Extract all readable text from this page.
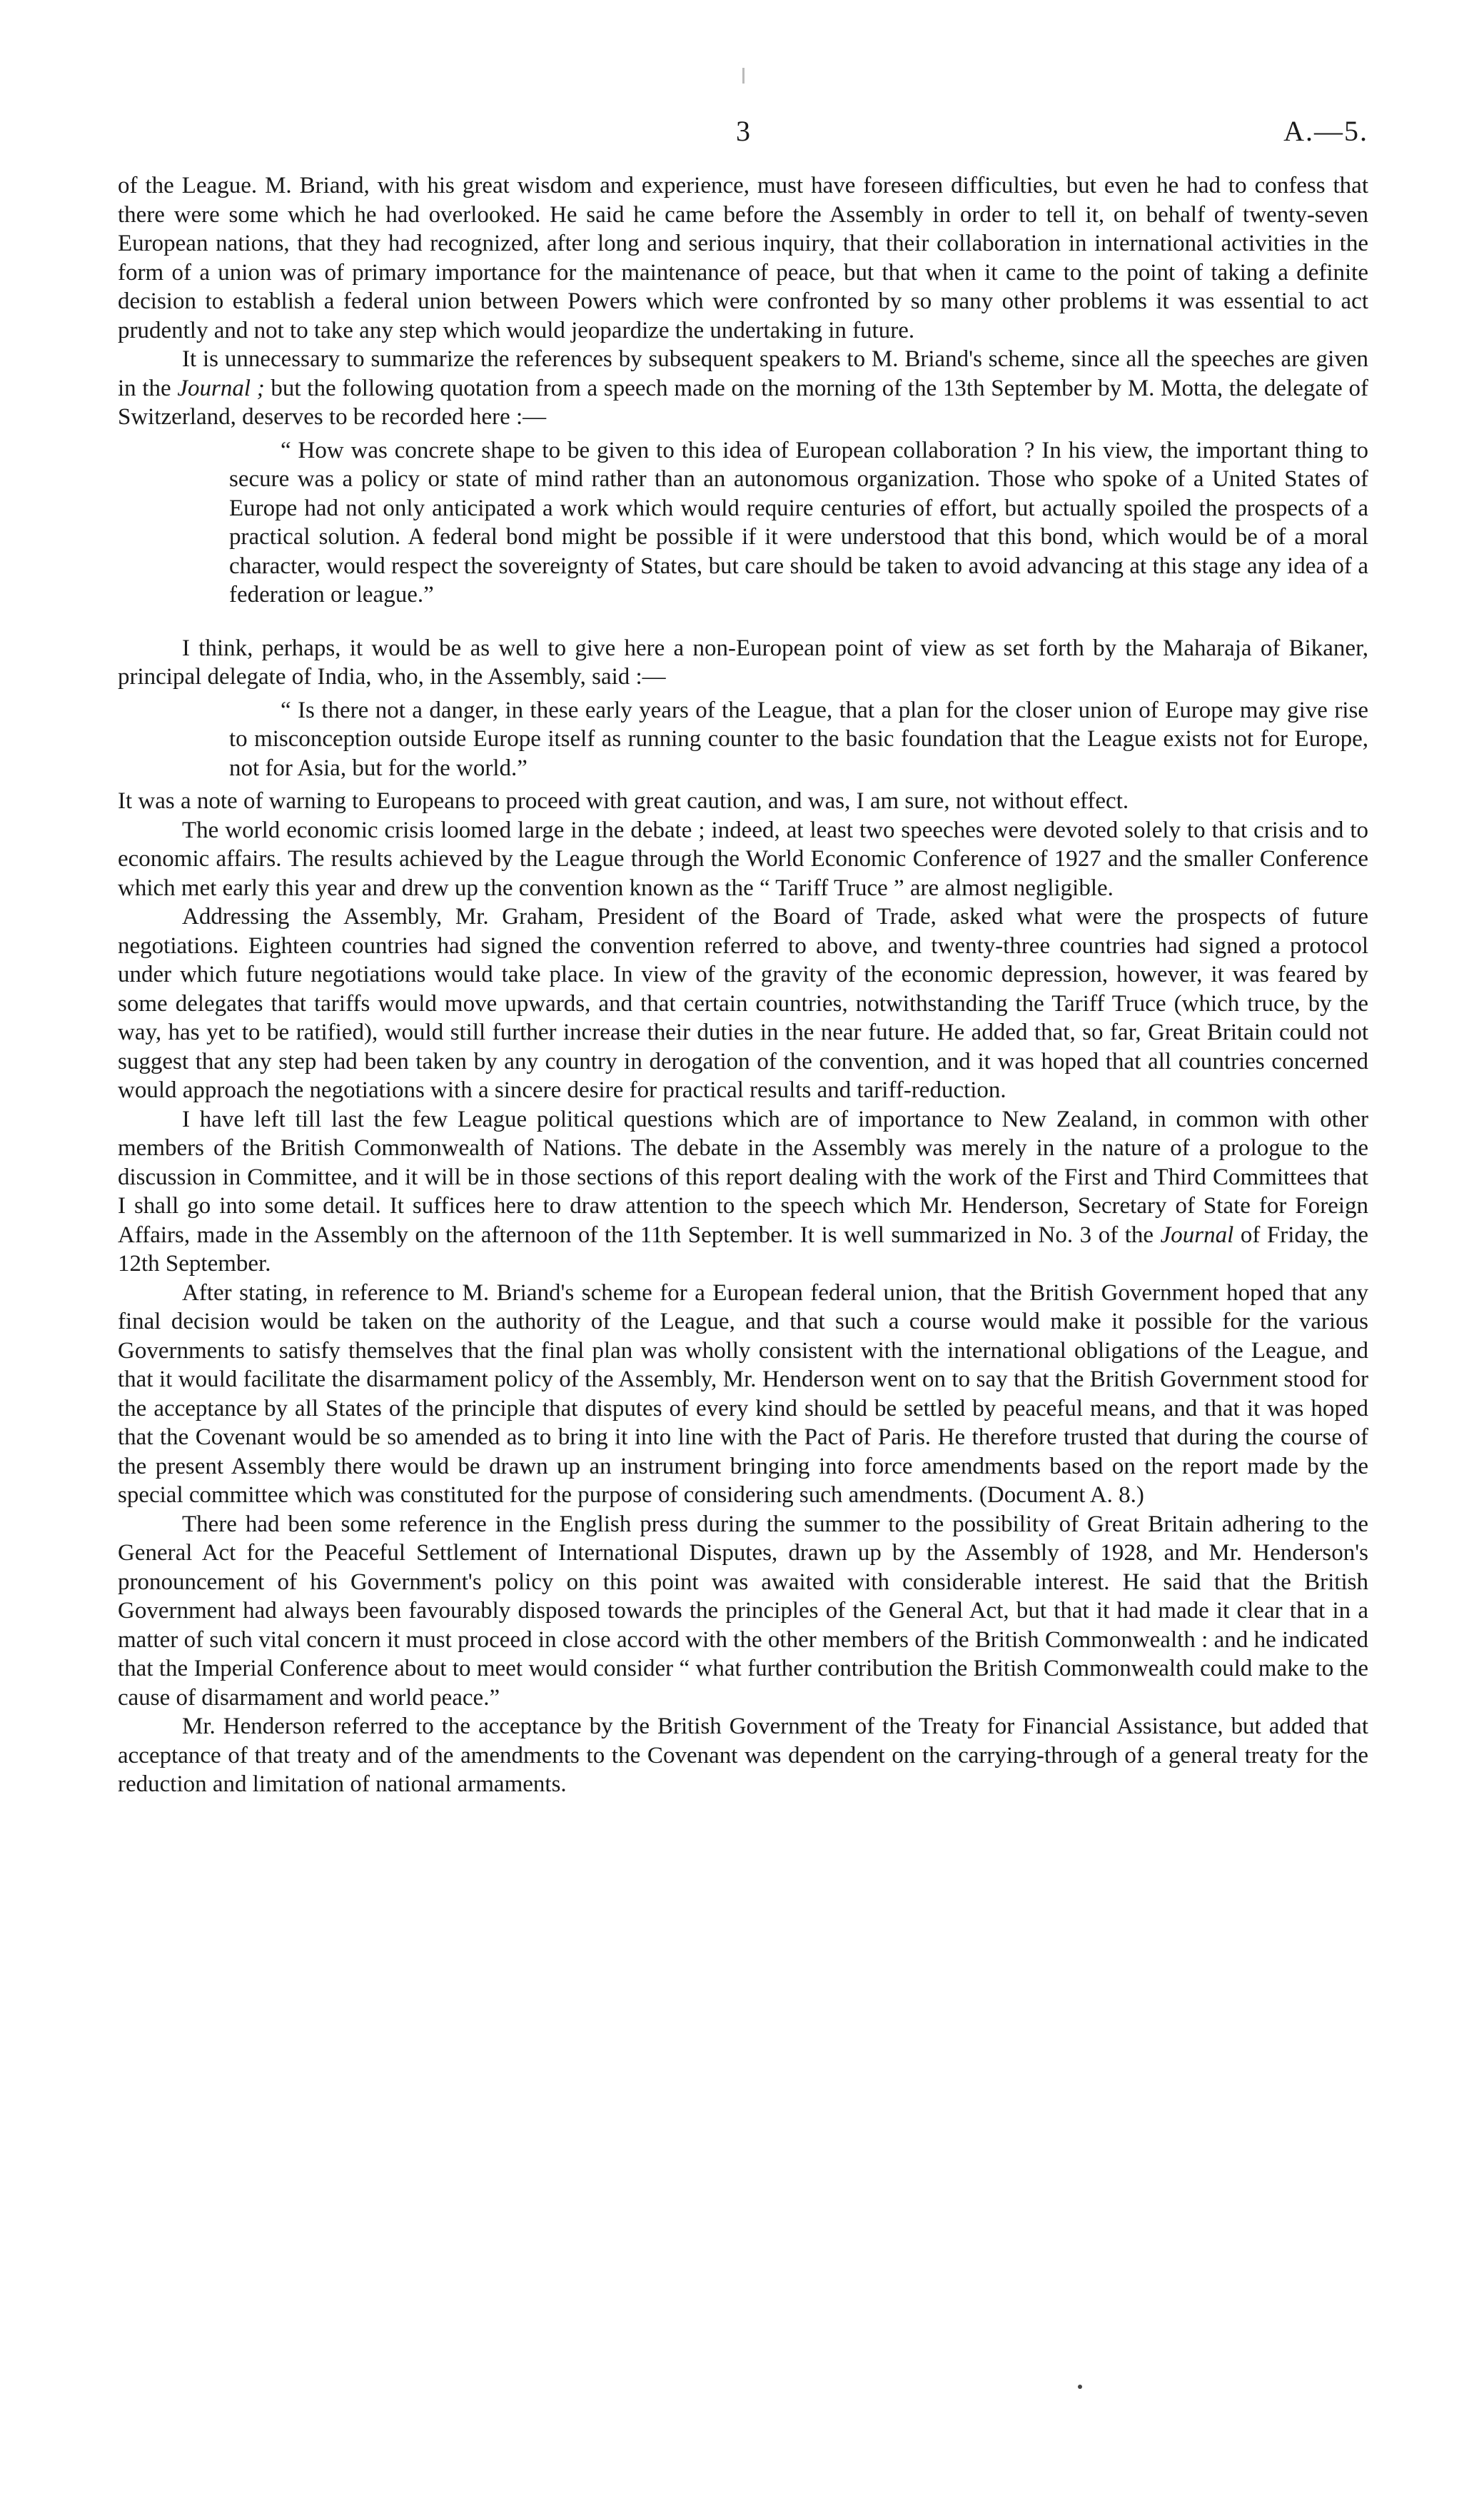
3	A.—5.

of the League. M. Briand, with his great wisdom and experience, must have foreseen difficulties, but even he had to confess that there were some which he had overlooked. He said he came before the Assembly in order to tell it, on behalf of twenty-seven European nations, that they had recognized, after long and serious inquiry, that their collaboration in international activities in the form of a union was of primary importance for the maintenance of peace, but that when it came to the point of taking a definite decision to establish a federal union between Powers which were confronted by so many other problems it was essential to act prudently and not to take any step which would jeopardize the undertaking in future.

It is unnecessary to summarize the references by subsequent speakers to M. Briand's scheme, since all the speeches are given in the Journal ; but the following quotation from a speech made on the morning of the 13th September by M. Motta, the delegate of Switzerland, deserves to be recorded here :—

“ How was concrete shape to be given to this idea of European collaboration ? In his view, the important thing to secure was a policy or state of mind rather than an autonomous organization. Those who spoke of a United States of Europe had not only anticipated a work which would require centuries of effort, but actually spoiled the prospects of a practical solution. A federal bond might be possible if it were understood that this bond, which would be of a moral character, would respect the sovereignty of States, but care should be taken to avoid advancing at this stage any idea of a federation or league.”

I think, perhaps, it would be as well to give here a non-European point of view as set forth by the Maharaja of Bikaner, principal delegate of India, who, in the Assembly, said :—

“ Is there not a danger, in these early years of the League, that a plan for the closer union of Europe may give rise to misconception outside Europe itself as running counter to the basic foundation that the League exists not for Europe, not for Asia, but for the world.”

It was a note of warning to Europeans to proceed with great caution, and was, I am sure, not without effect.

The world economic crisis loomed large in the debate ; indeed, at least two speeches were devoted solely to that crisis and to economic affairs. The results achieved by the League through the World Economic Conference of 1927 and the smaller Conference which met early this year and drew up the convention known as the “ Tariff Truce ” are almost negligible.

Addressing the Assembly, Mr. Graham, President of the Board of Trade, asked what were the prospects of future negotiations. Eighteen countries had signed the convention referred to above, and twenty-three countries had signed a protocol under which future negotiations would take place. In view of the gravity of the economic depression, however, it was feared by some delegates that tariffs would move upwards, and that certain countries, notwithstanding the Tariff Truce (which truce, by the way, has yet to be ratified), would still further increase their duties in the near future. He added that, so far, Great Britain could not suggest that any step had been taken by any country in derogation of the convention, and it was hoped that all countries concerned would approach the negotiations with a sincere desire for practical results and tariff-reduction.

I have left till last the few League political questions which are of importance to New Zealand, in common with other members of the British Commonwealth of Nations. The debate in the Assembly was merely in the nature of a prologue to the discussion in Committee, and it will be in those sections of this report dealing with the work of the First and Third Committees that I shall go into some detail. It suffices here to draw attention to the speech which Mr. Henderson, Secretary of State for Foreign Affairs, made in the Assembly on the afternoon of the 11th September. It is well summarized in No. 3 of the Journal of Friday, the 12th September.

After stating, in reference to M. Briand's scheme for a European federal union, that the British Government hoped that any final decision would be taken on the authority of the League, and that such a course would make it possible for the various Governments to satisfy themselves that the final plan was wholly consistent with the international obligations of the League, and that it would facilitate the disarmament policy of the Assembly, Mr. Henderson went on to say that the British Government stood for the acceptance by all States of the principle that disputes of every kind should be settled by peaceful means, and that it was hoped that the Covenant would be so amended as to bring it into line with the Pact of Paris. He therefore trusted that during the course of the present Assembly there would be drawn up an instrument bringing into force amendments based on the report made by the special committee which was constituted for the purpose of considering such amendments. (Document A. 8.)

There had been some reference in the English press during the summer to the possibility of Great Britain adhering to the General Act for the Peaceful Settlement of International Disputes, drawn up by the Assembly of 1928, and Mr. Henderson's pronouncement of his Government's policy on this point was awaited with considerable interest. He said that the British Government had always been favourably disposed towards the principles of the General Act, but that it had made it clear that in a matter of such vital concern it must proceed in close accord with the other members of the British Commonwealth : and he indicated that the Imperial Conference about to meet would consider “ what further contribution the British Commonwealth could make to the cause of disarmament and world peace.”

Mr. Henderson referred to the acceptance by the British Government of the Treaty for Financial Assistance, but added that acceptance of that treaty and of the amendments to the Covenant was dependent on the carrying-through of a general treaty for the reduction and limitation of national armaments.
